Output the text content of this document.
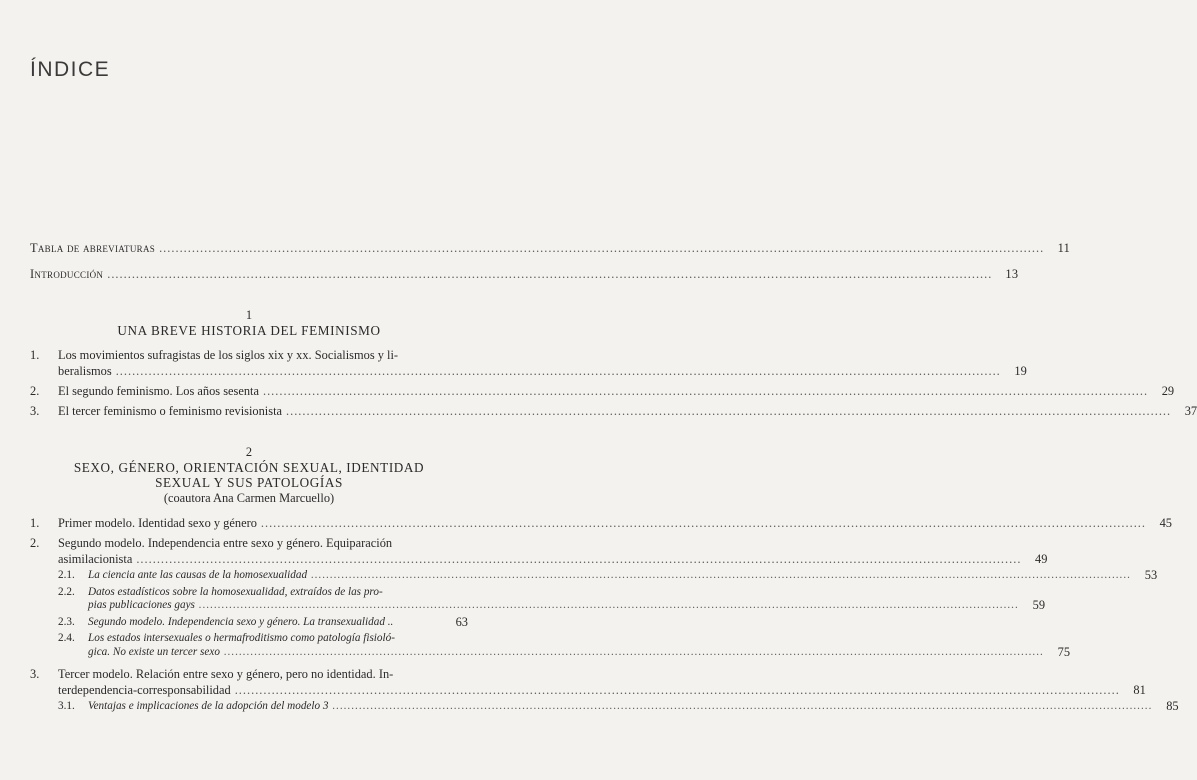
ÍNDICE
Tabla de abreviaturas .....	11
Introducción .....	13
1
UNA BREVE HISTORIA DEL FEMINISMO
1.	Los movimientos sufragistas de los siglos xix y xx. Socialismos y li-
beralismos .....	19
2.	El segundo feminismo. Los años sesenta .....	29
3.	El tercer feminismo o feminismo revisionista .....	37
2
SEXO, GÉNERO, ORIENTACIÓN SEXUAL, IDENTIDAD
SEXUAL Y SUS PATOLOGÍAS
(coautora Ana Carmen Marcuello)
1.	Primer modelo. Identidad sexo y género .....	45
2.	Segundo modelo. Independencia entre sexo y género. Equiparación
asimilacionista .....	49
2.1.	La ciencia ante las causas de la homosexualidad .....	53
2.2.	Datos estadísticos sobre la homosexualidad, extraídos de las pro-
pias publicaciones gays .....	59
2.3.	Segundo modelo. Independencia sexo y género. La transexualidad ..	63
2.4.	Los estados intersexuales o hermafroditismo como patología fisioló-
gica. No existe un tercer sexo .....	75
3.	Tercer modelo. Relación entre sexo y género, pero no identidad. In-
terdependencia-corresponsabilidad .....	81
3.1.	Ventajas e implicaciones de la adopción del modelo 3 .....	85
